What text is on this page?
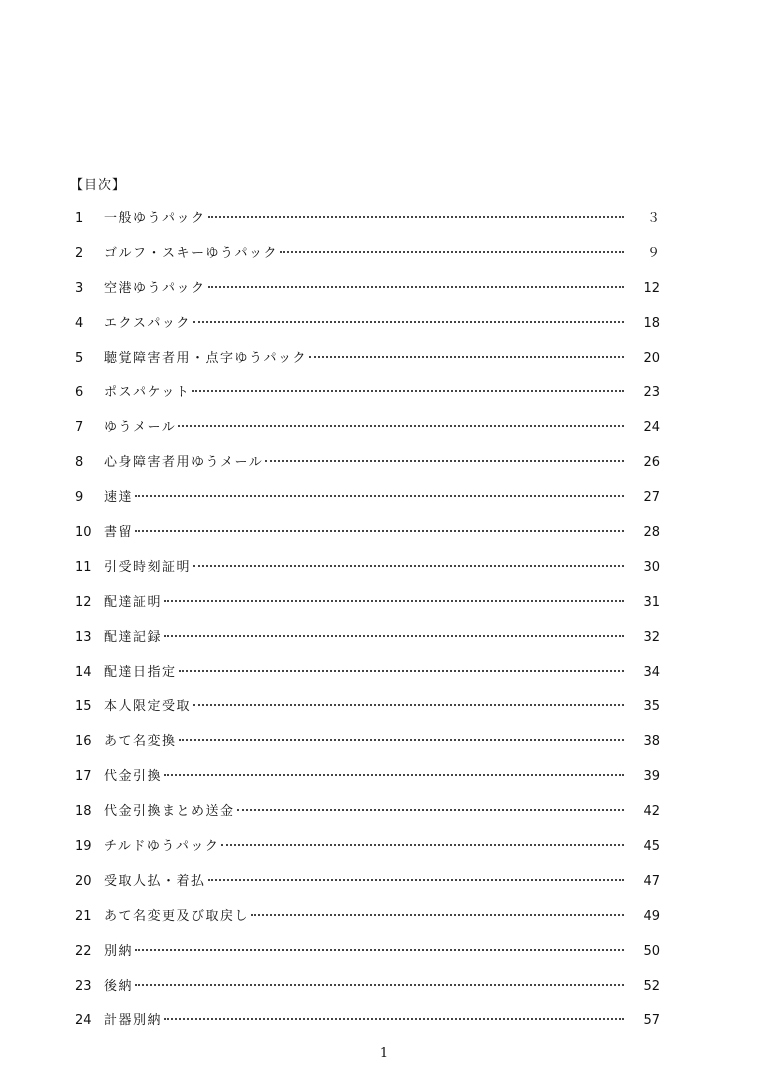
【目次】
1	一般ゆうパック	３
2	ゴルフ・スキーゆうパック	９
3	空港ゆうパック	12
4	エクスパック	18
5	聴覚障害者用・点字ゆうパック	20
6	ポスパケット	23
7	ゆうメール	24
8	心身障害者用ゆうメール	26
9	速達	27
10 書留	28
11 引受時刻証明	30
12 配達証明	31
13 配達記録	32
14 配達日指定	34
15 本人限定受取	35
16 あて名変換	38
17 代金引換	39
18 代金引換まとめ送金	42
19 チルドゆうパック	45
20 受取人払・着払	47
21 あて名変更及び取戻し	49
22 別納	50
23 後納	52
24 計器別納	57
1
